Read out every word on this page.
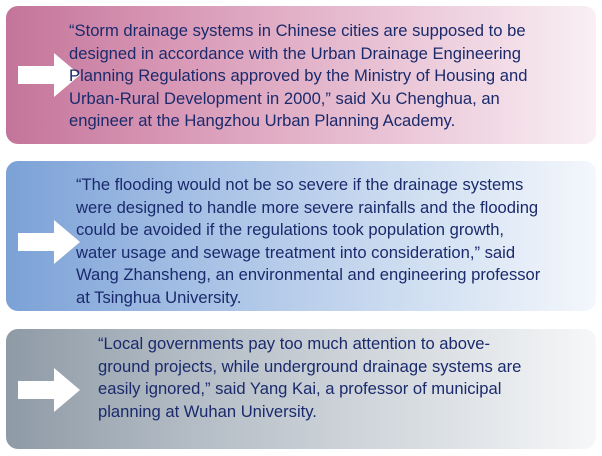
“Storm drainage systems in Chinese cities are supposed to be
designed in accordance with the Urban Drainage Engineering
Planning Regulations approved by the Ministry of Housing and
Urban-Rural Development in 2000,” said Xu Chenghua, an
engineer at the Hangzhou Urban Planning Academy.

“The flooding would not be so severe if the drainage systems
were designed to handle more severe rainfalls and the flooding
could be avoided if the regulations took population growth,
water usage and sewage treatment into consideration,” said
Wang Zhansheng, an environmental and engineering professor
at Tsinghua University.

“Local governments pay too much attention to above-
ground projects, while underground drainage systems are
easily ignored,” said Yang Kai, a professor of municipal
planning at Wuhan University.
